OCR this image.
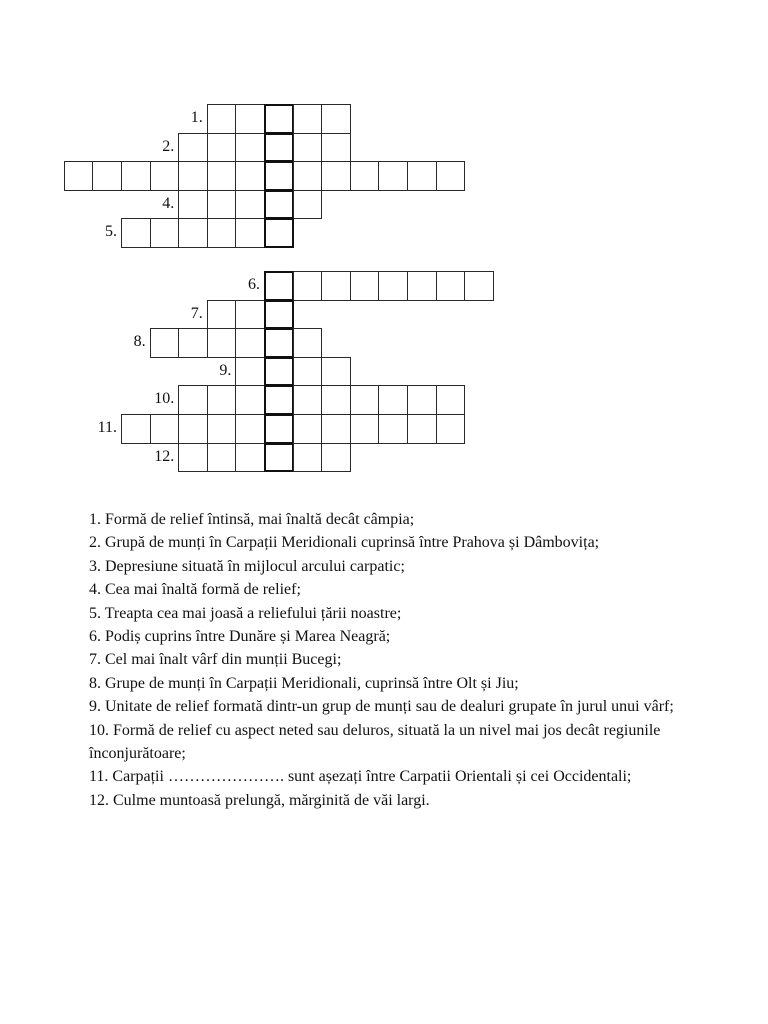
1.
2.
4.
5.
6.
7.
8.
9.
10.
11.
12.

1. Formă de relief întinsă, mai înaltă decât câmpia;

2. Grupă de munți în Carpații Meridionali cuprinsă între Prahova și Dâmbovița;

3. Depresiune situată în mijlocul arcului carpatic;

4. Cea mai înaltă formă de relief;

5. Treapta cea mai joasă a reliefului țării noastre;

6. Podiș cuprins între Dunăre și Marea Neagră;

7. Cel mai înalt vârf din munții Bucegi;

8. Grupe de munți în Carpații Meridionali, cuprinsă între Olt și Jiu;

9. Unitate de relief formată dintr-un grup de munți sau de dealuri grupate în jurul unui vârf;

10. Formă de relief cu aspect neted sau deluros, situată la un nivel mai jos decât regiunile înconjurătoare;

11. Carpații …………………. sunt așezați între Carpatii Orientali și cei Occidentali;

12. Culme muntoasă prelungă, mărginită de văi largi.
